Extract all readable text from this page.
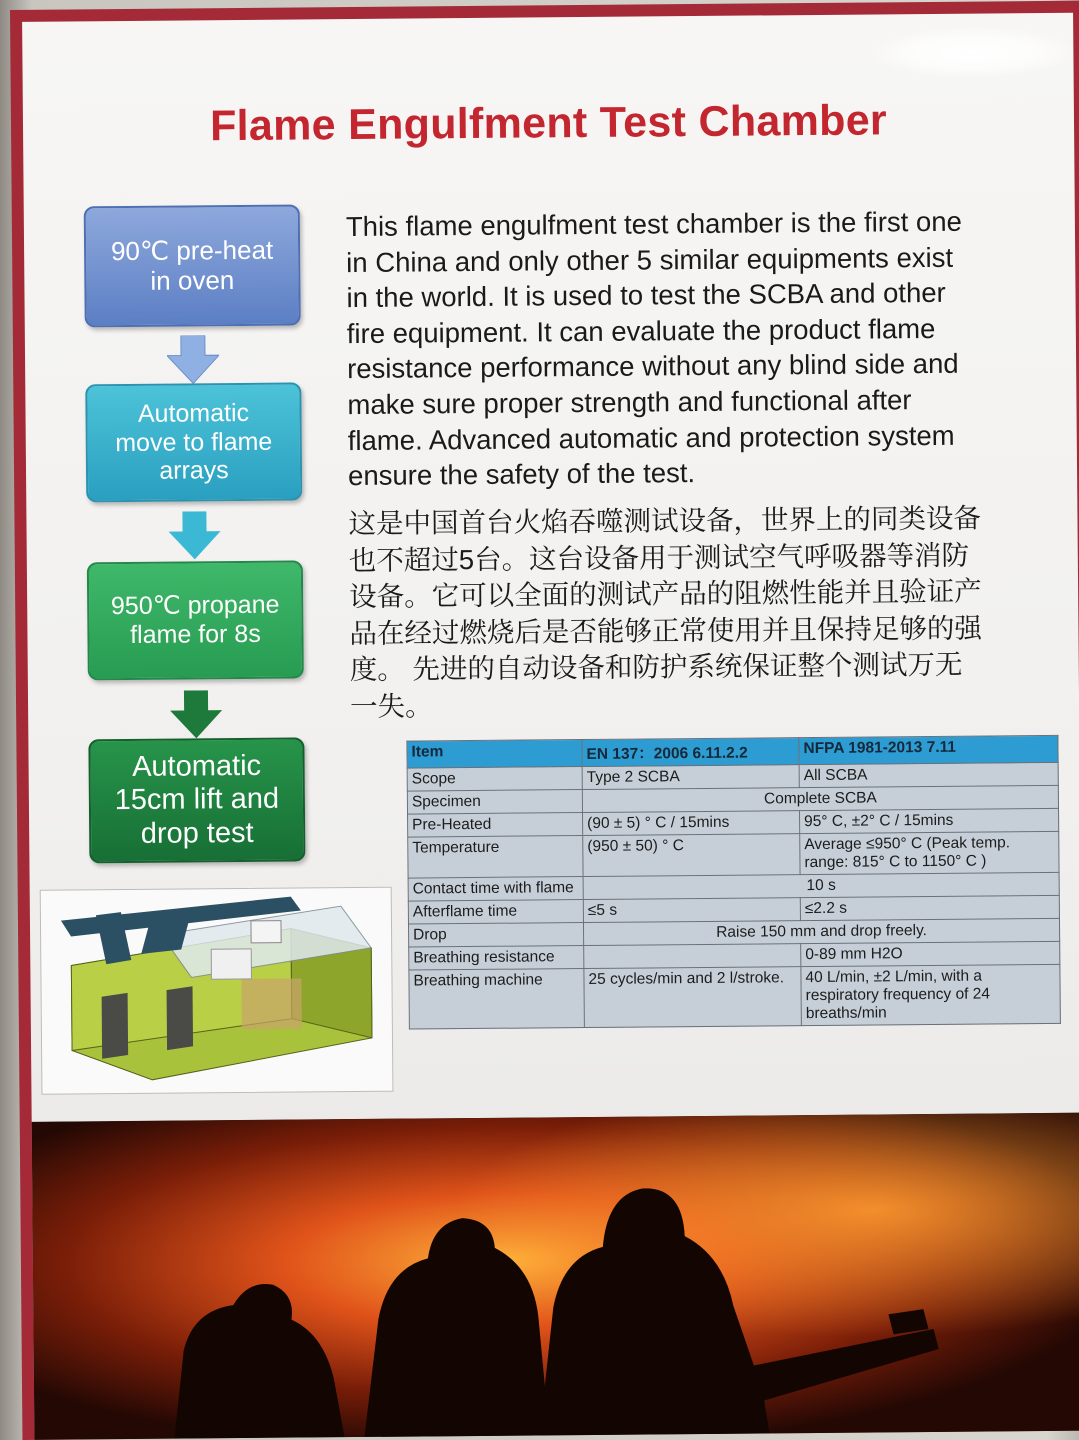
Flame Engulfment Test Chamber
90℃ pre-heat
in oven
Automatic
move to flame
arrays
950℃ propane
flame for 8s
Automatic
15cm lift and
drop test
This flame engulfment test chamber is the first one
in China and only other 5 similar equipments exist
in the world. It is used to test the SCBA and other
fire equipment. It can evaluate the product flame
resistance performance without any blind side and
make sure proper strength and functional after
flame. Advanced automatic and protection system
ensure the safety of the test.
这是中国首台火焰吞噬测试设备，世界上的同类设备
也不超过5台。这台设备用于测试空气呼吸器等消防
设备。它可以全面的测试产品的阻燃性能并且验证产
品在经过燃烧后是否能够正常使用并且保持足够的强
度。 先进的自动设备和防护系统保证整个测试万无
一失。
Item	EN 137：2006 6.11.2.2	NFPA 1981-2013 7.11
Scope	Type 2 SCBA	All SCBA
Specimen	Complete SCBA	
Pre-Heated	(90 ± 5) ° C / 15mins	95° C, ±2° C / 15mins
Temperature	(950 ± 50) ° C	Average ≤950° C (Peak temp. range: 815° C to 1150° C )
Contact time with flame	10 s	
Afterflame time	≤5 s	≤2.2 s
Drop	Raise 150 mm and drop freely.	
Breathing resistance		0-89 mm H2O
Breathing machine	25 cycles/min and 2 l/stroke.	40 L/min, ±2 L/min, with a respiratory frequency of 24 breaths/min
